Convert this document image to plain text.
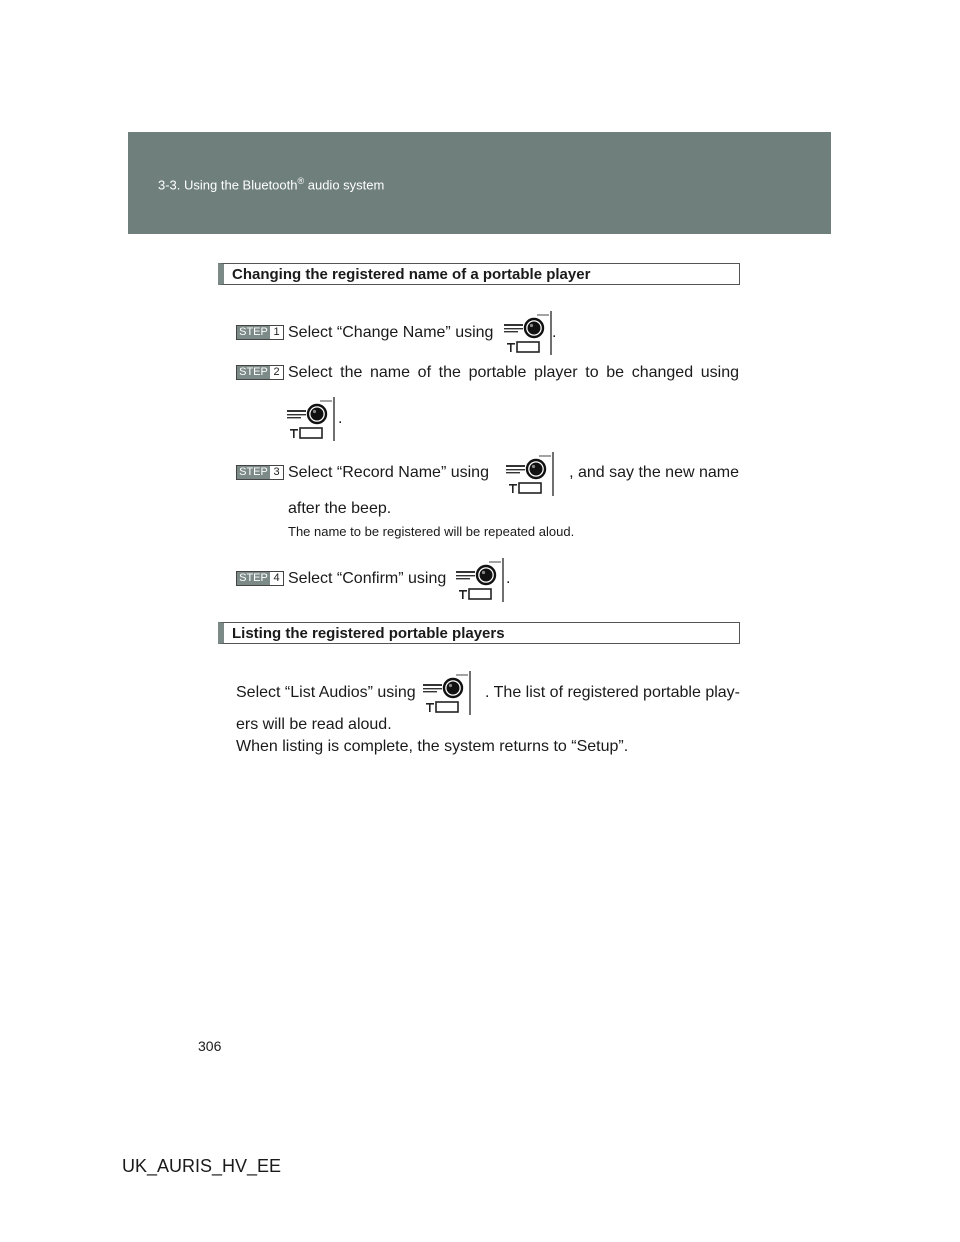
3-3. Using the Bluetooth® audio system
Changing the registered name of a portable player
STEP 1 Select “Change Name” using	.
STEP 2 Select the name of the portable player to be changed using
.
STEP 3 Select “Record Name” using	, and say the new name
after the beep.
The name to be registered will be repeated aloud.
STEP 4 Select “Confirm” using	.
Listing the registered portable players
Select “List Audios” using	. The list of registered portable play-
ers will be read aloud.
When listing is complete, the system returns to “Setup”.
306
UK_AURIS_HV_EE
